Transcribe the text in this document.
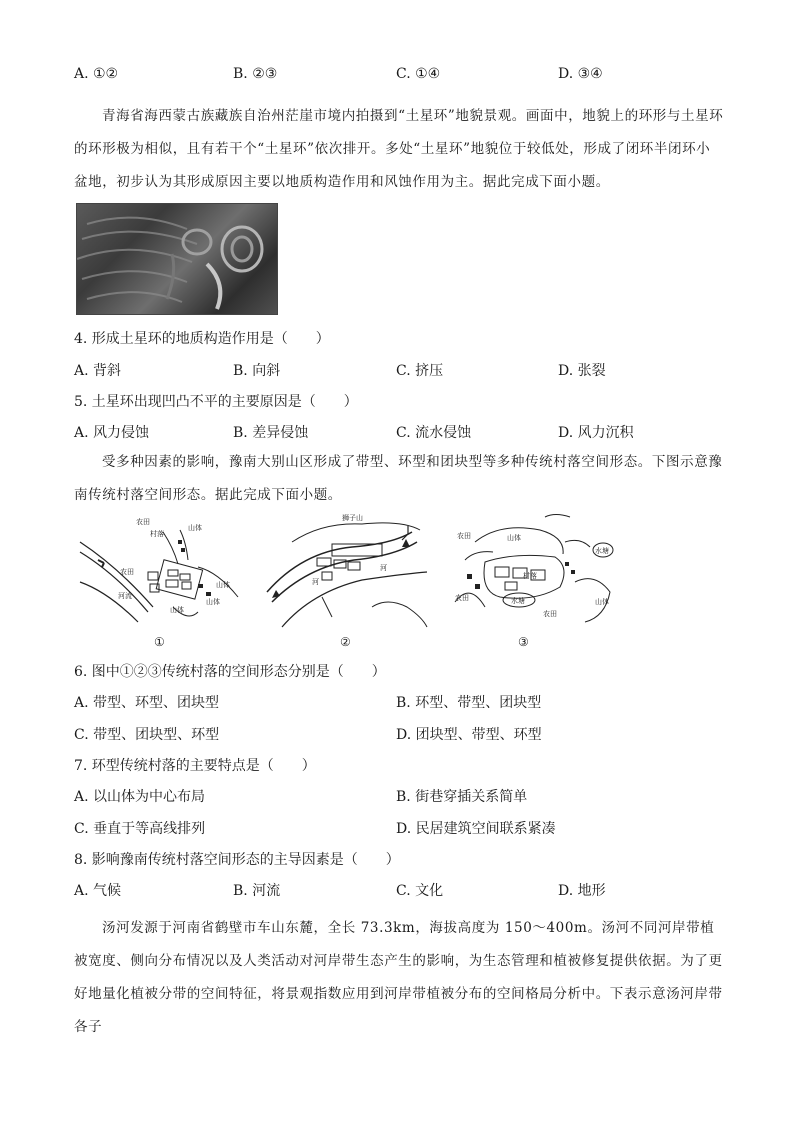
A. ①②	B. ②③	C. ①④	D. ③④
青海省海西蒙古族藏族自治州茫崖市境内拍摄到“土星环”地貌景观。画面中，地貌上的环形与土星环的环形极为相似，且有若干个“土星环”依次排开。多处“土星环”地貌位于较低处，形成了闭环半闭环小盆地，初步认为其形成原因主要以地质构造作用和风蚀作用为主。据此完成下面小题。
4. 形成土星环的地质构造作用是（　　）
A. 背斜	B. 向斜	C. 挤压	D. 张裂
5. 土星环出现凹凸不平的主要原因是（　　）
A. 风力侵蚀	B. 差异侵蚀	C. 流水侵蚀	D. 风力沉积
受多种因素的影响，豫南大别山区形成了带型、环型和团块型等多种传统村落空间形态。下图示意豫南传统村落空间形态。据此完成下面小题。
农田
村落
山体
农田
山体
河流
山体
山体
狮子山
河
河
农田	山体
水塘
村落
水塘
农田
农田
山体
①	②	③
6. 图中①②③传统村落的空间形态分别是（　　）
A. 带型、环型、团块型	B. 环型、带型、团块型
C. 带型、团块型、环型	D. 团块型、带型、环型
7. 环型传统村落的主要特点是（　　）
A. 以山体为中心布局	B. 街巷穿插关系简单
C. 垂直于等高线排列	D. 民居建筑空间联系紧凑
8. 影响豫南传统村落空间形态的主导因素是（　　）
A. 气候	B. 河流	C. 文化	D. 地形
汤河发源于河南省鹤壁市车山东麓，全长 73.3km，海拔高度为 150～400m。汤河不同河岸带植被宽度、侧向分布情况以及人类活动对河岸带生态产生的影响，为生态管理和植被修复提供依据。为了更好地量化植被分带的空间特征，将景观指数应用到河岸带植被分布的空间格局分析中。下表示意汤河岸带各子
